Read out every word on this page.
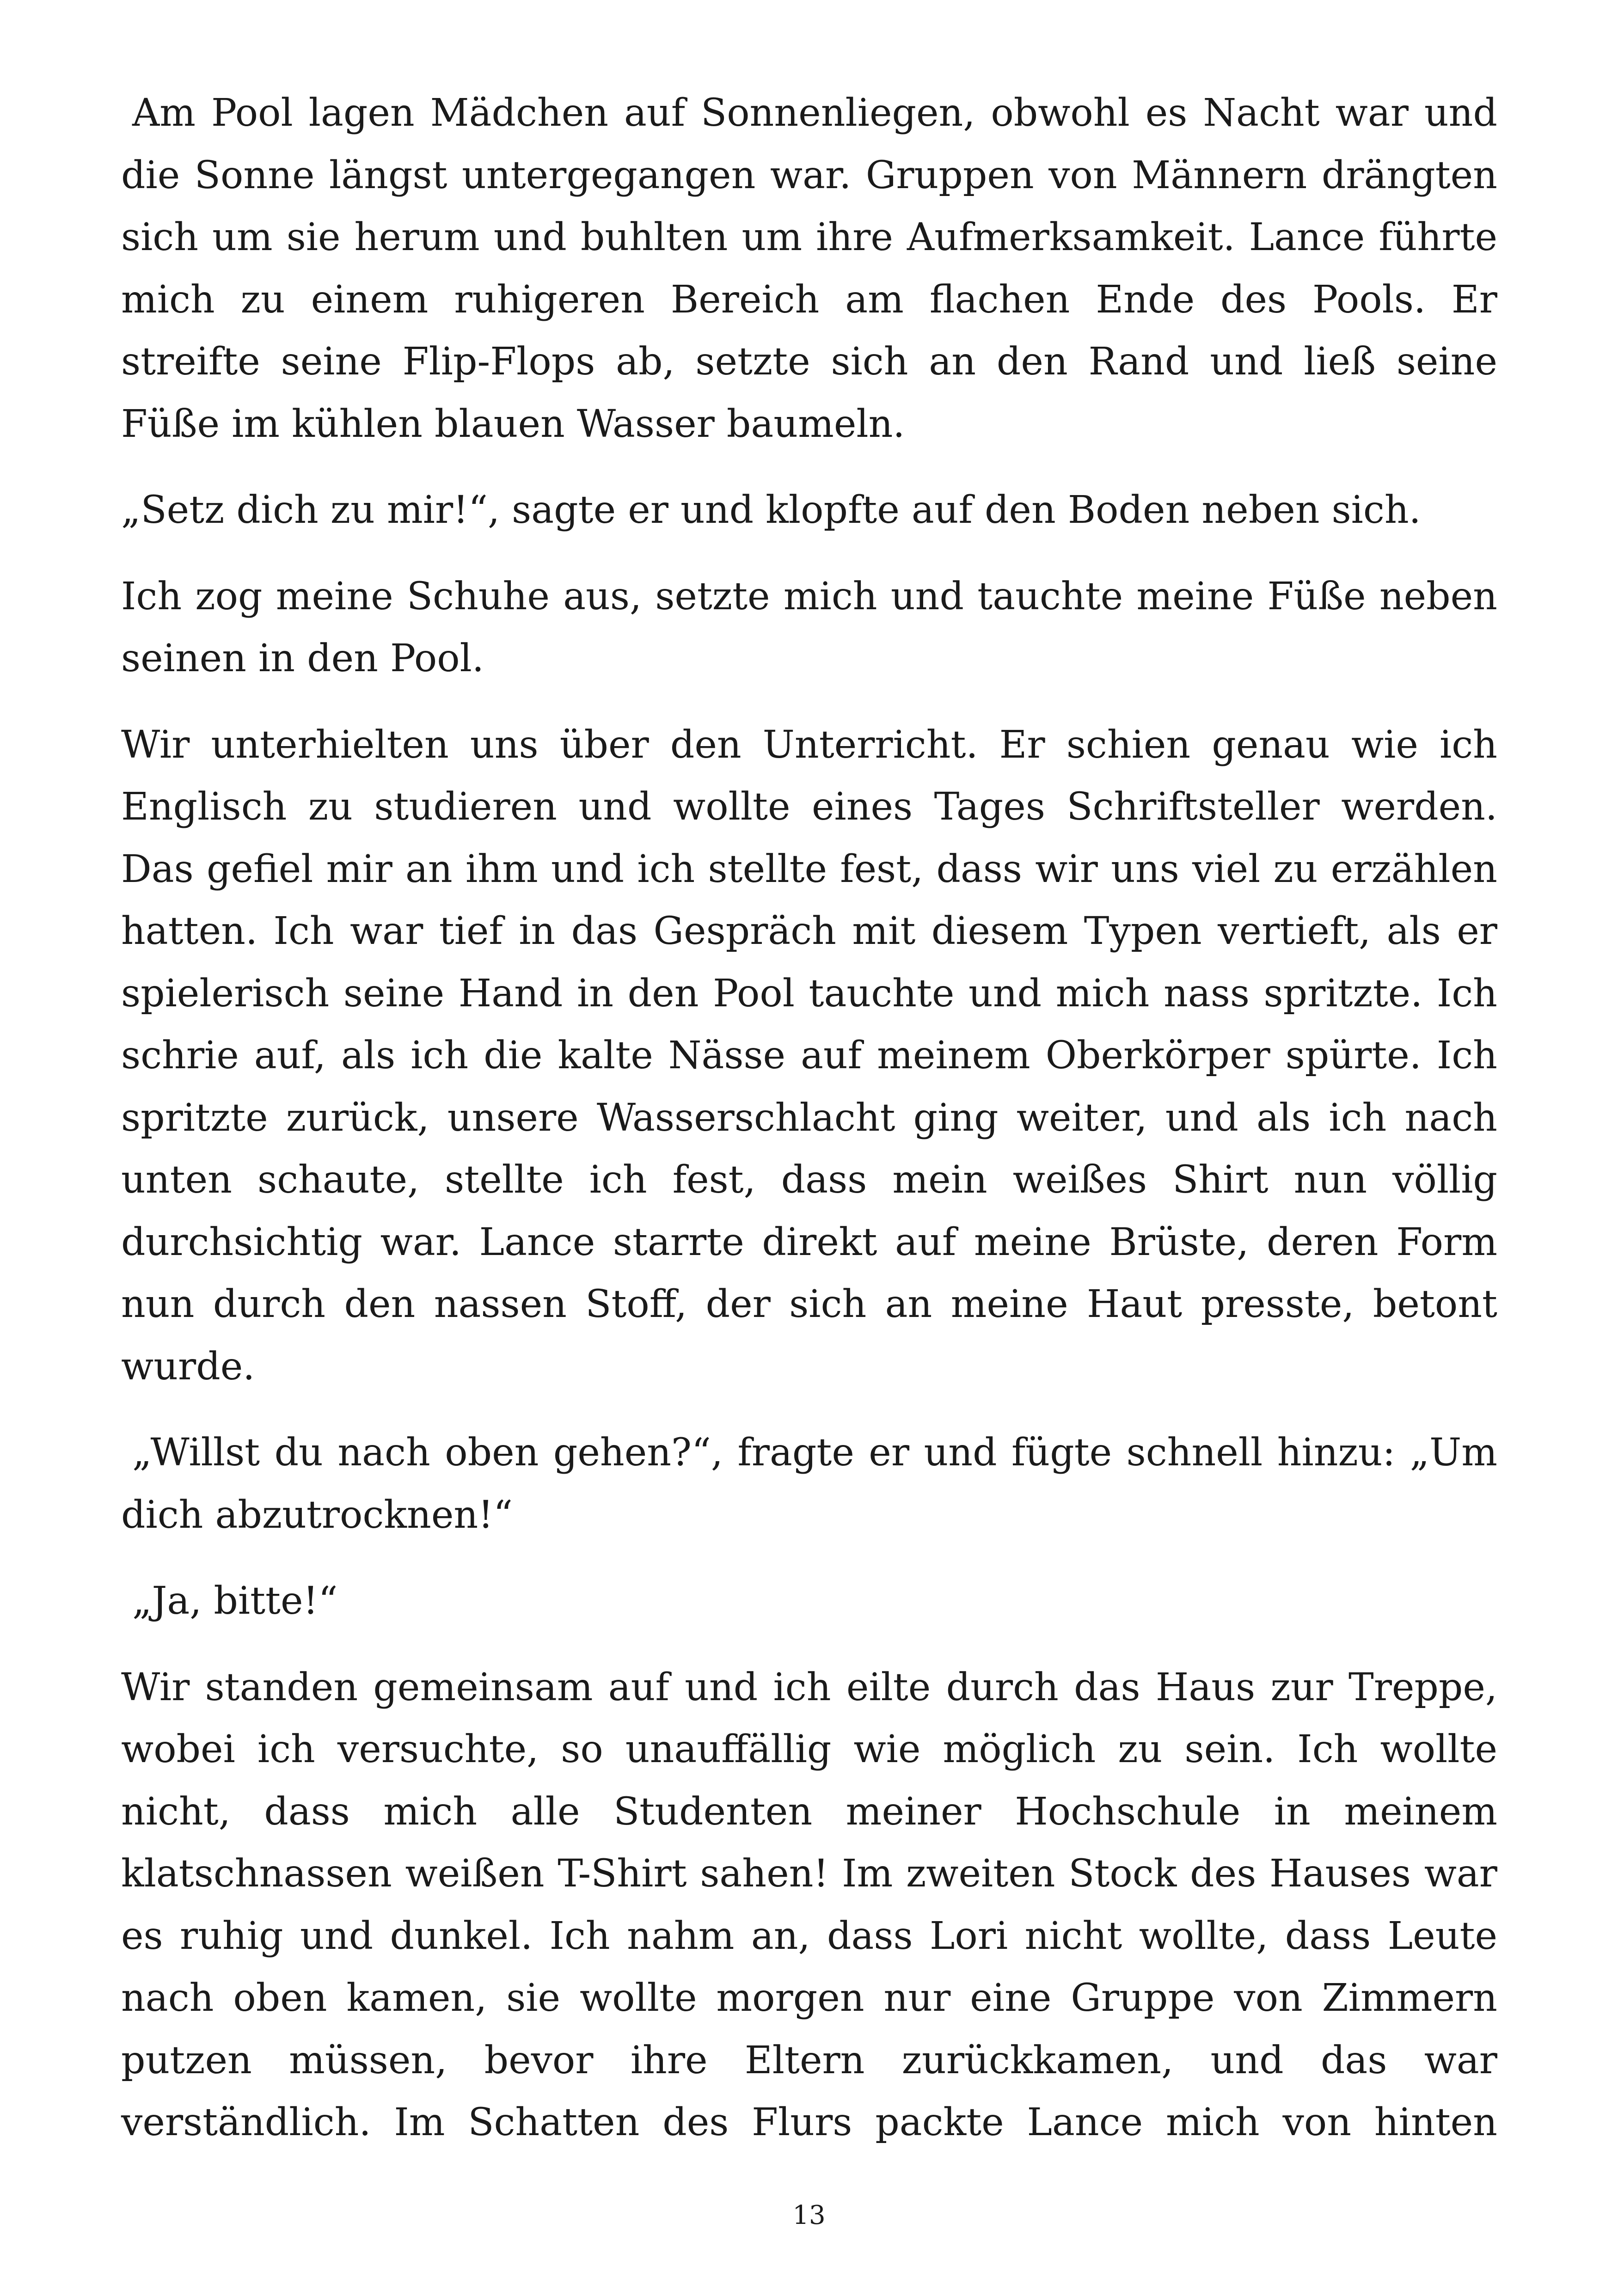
Am Pool lagen Mädchen auf Sonnenliegen, obwohl es Nacht war und die Sonne längst untergegangen war. Gruppen von Männern drängten sich um sie herum und buhlten um ihre Aufmerksamkeit. Lance führte mich zu einem ruhigeren Bereich am flachen Ende des Pools. Er streifte seine Flip-Flops ab, setzte sich an den Rand und ließ seine Füße im kühlen blauen Wasser baumeln.

„Setz dich zu mir!“, sagte er und klopfte auf den Boden neben sich.

Ich zog meine Schuhe aus, setzte mich und tauchte meine Füße neben seinen in den Pool.

Wir unterhielten uns über den Unterricht. Er schien genau wie ich Englisch zu studieren und wollte eines Tages Schriftsteller werden. Das gefiel mir an ihm und ich stellte fest, dass wir uns viel zu erzählen hatten. Ich war tief in das Gespräch mit diesem Typen vertieft, als er spielerisch seine Hand in den Pool tauchte und mich nass spritzte. Ich schrie auf, als ich die kalte Nässe auf meinem Oberkörper spürte. Ich spritzte zurück, unsere Wasserschlacht ging weiter, und als ich nach unten schaute, stellte ich fest, dass mein weißes Shirt nun völlig durchsichtig war. Lance starrte direkt auf meine Brüste, deren Form nun durch den nassen Stoff, der sich an meine Haut presste, betont wurde.

„Willst du nach oben gehen?“, fragte er und fügte schnell hinzu: „Um dich abzutrocknen!“

„Ja, bitte!“

Wir standen gemeinsam auf und ich eilte durch das Haus zur Treppe, wobei ich versuchte, so unauffällig wie möglich zu sein. Ich wollte nicht, dass mich alle Studenten meiner Hochschule in meinem klatschnassen weißen T-Shirt sahen! Im zweiten Stock des Hauses war es ruhig und dunkel. Ich nahm an, dass Lori nicht wollte, dass Leute nach oben kamen, sie wollte morgen nur eine Gruppe von Zimmern putzen müssen, bevor ihre Eltern zurückkamen, und das war verständlich. Im Schatten des Flurs packte Lance mich von hinten

13
